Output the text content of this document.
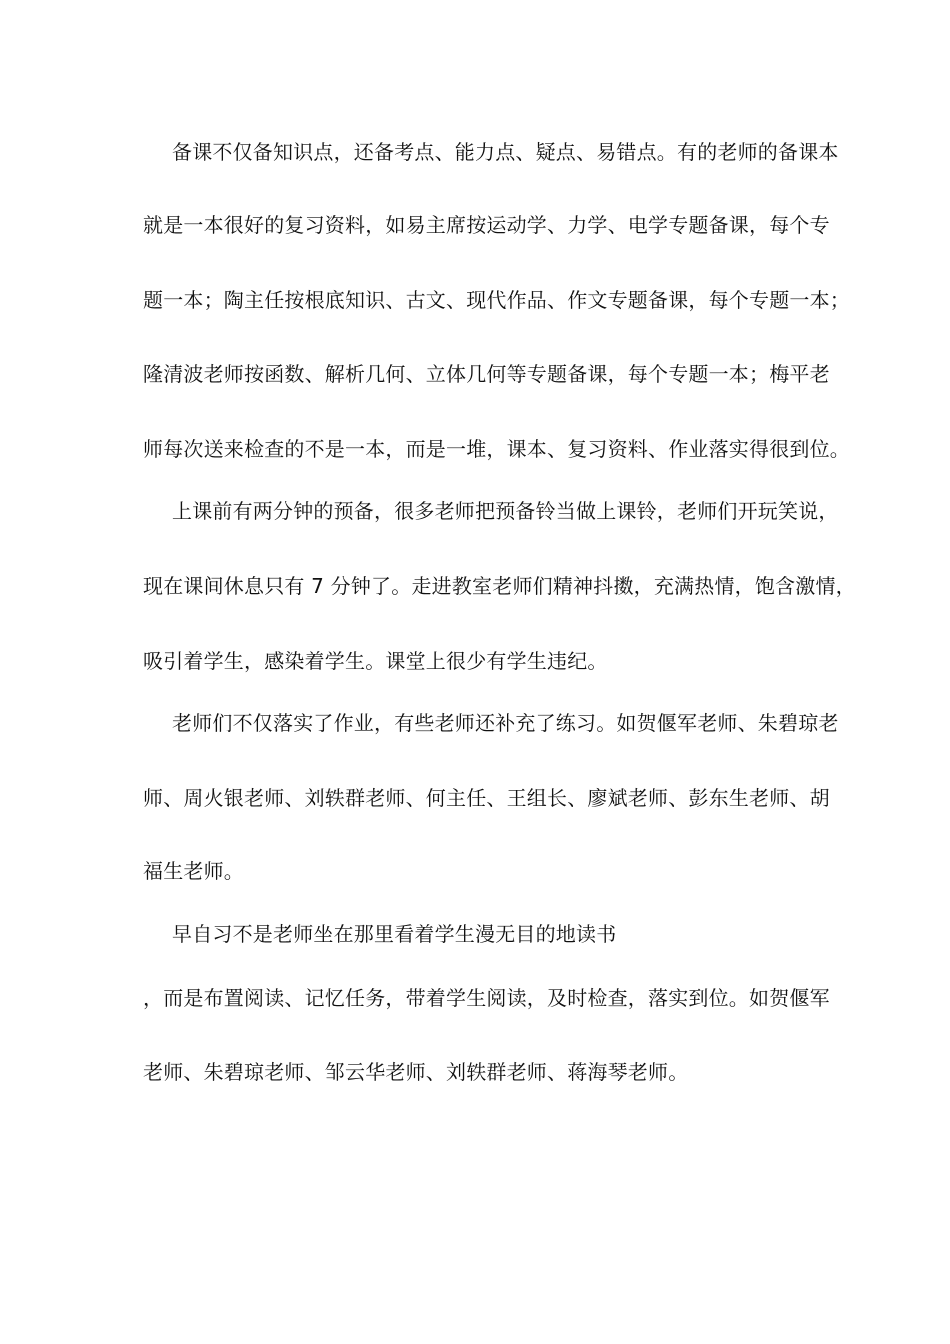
备课不仅备知识点，还备考点、能力点、疑点、易错点。有的老师的备课本
就是一本很好的复习资料，如易主席按运动学、力学、电学专题备课，每个专
题一本；陶主任按根底知识、古文、现代作品、作文专题备课，每个专题一本；
隆清波老师按函数、解析几何、立体几何等专题备课，每个专题一本；梅平老
师每次送来检查的不是一本，而是一堆，课本、复习资料、作业落实得很到位。
上课前有两分钟的预备，很多老师把预备铃当做上课铃，老师们开玩笑说，
现在课间休息只有 7 分钟了。走进教室老师们精神抖擞，充满热情，饱含激情，
吸引着学生，感染着学生。课堂上很少有学生违纪。
老师们不仅落实了作业，有些老师还补充了练习。如贺偃军老师、朱碧琼老
师、周火银老师、刘轶群老师、何主任、王组长、廖斌老师、彭东生老师、胡
福生老师。
早自习不是老师坐在那里看着学生漫无目的地读书
，而是布置阅读、记忆任务，带着学生阅读，及时检查，落实到位。如贺偃军
老师、朱碧琼老师、邹云华老师、刘轶群老师、蒋海琴老师。
